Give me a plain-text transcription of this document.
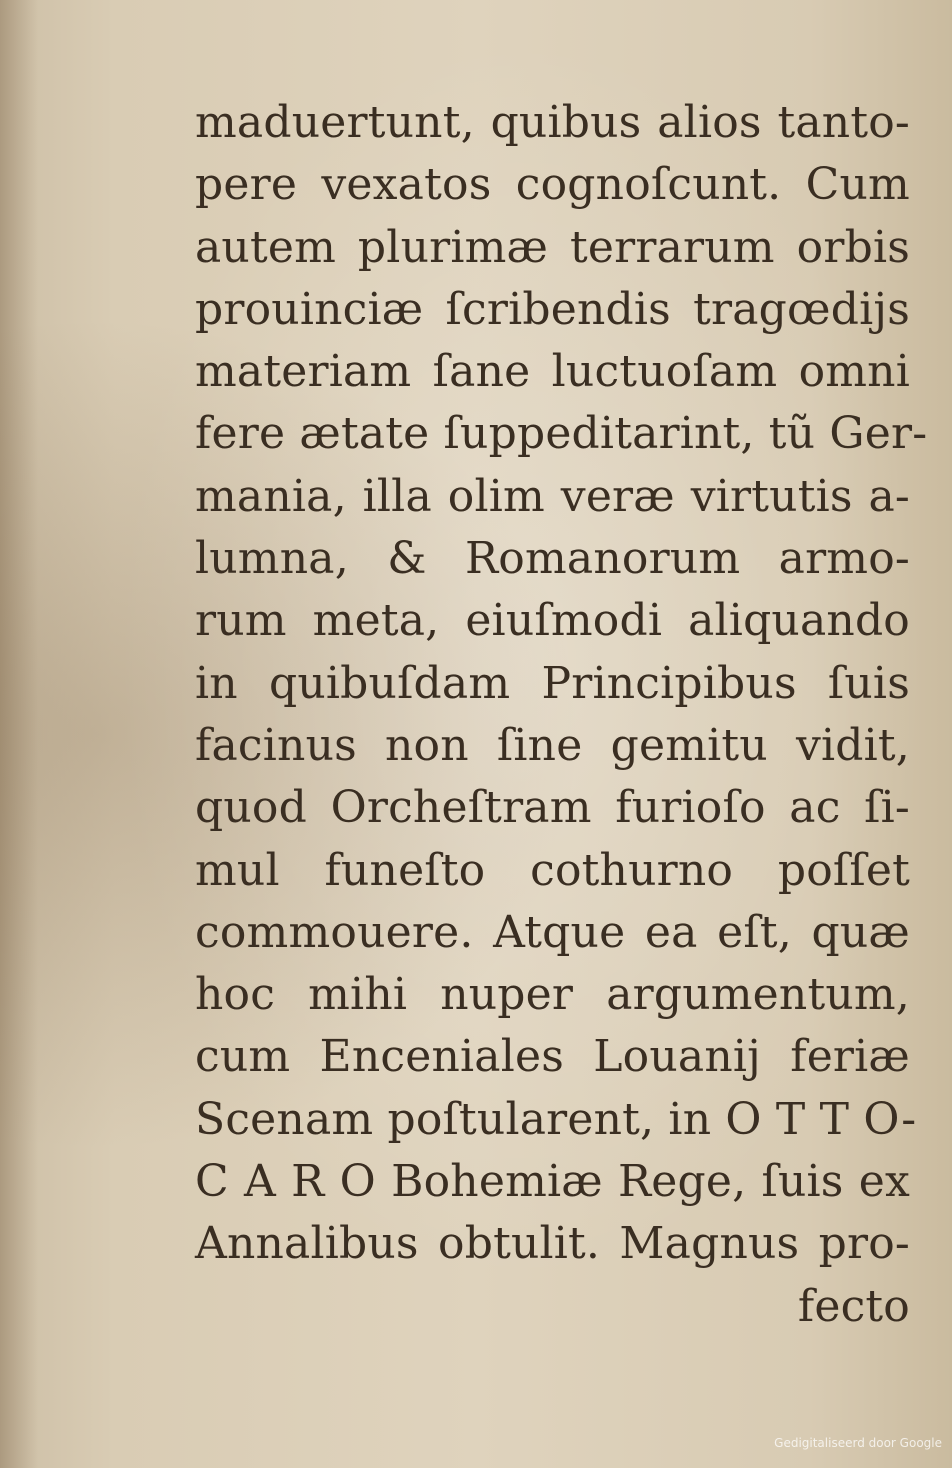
maduertunt, quibus alios tanto-
pere vexatos cognoſcunt. Cum
autem plurimæ terrarum orbis
prouinciæ ſcribendis tragœdijs
materiam ſane luctuoſam omni
fere ætate ſuppeditarint, tũ Ger-
mania, illa olim veræ virtutis a-
lumna, & Romanorum armo-
rum meta, eiuſmodi aliquando
in quibuſdam Principibus ſuis
facinus non ſine gemitu vidit,
quod Orcheſtram furioſo ac ſi-
mul funeſto cothurno poſſet
commouere. Atque ea eſt, quæ
hoc mihi nuper argumentum,
cum Enceniales Louanij feriæ
Scenam poſtularent, in O T T O-
C A R O Bohemiæ Rege, ſuis ex
Annalibus obtulit. Magnus pro-
fecto
Gedigitaliseerd door Google
